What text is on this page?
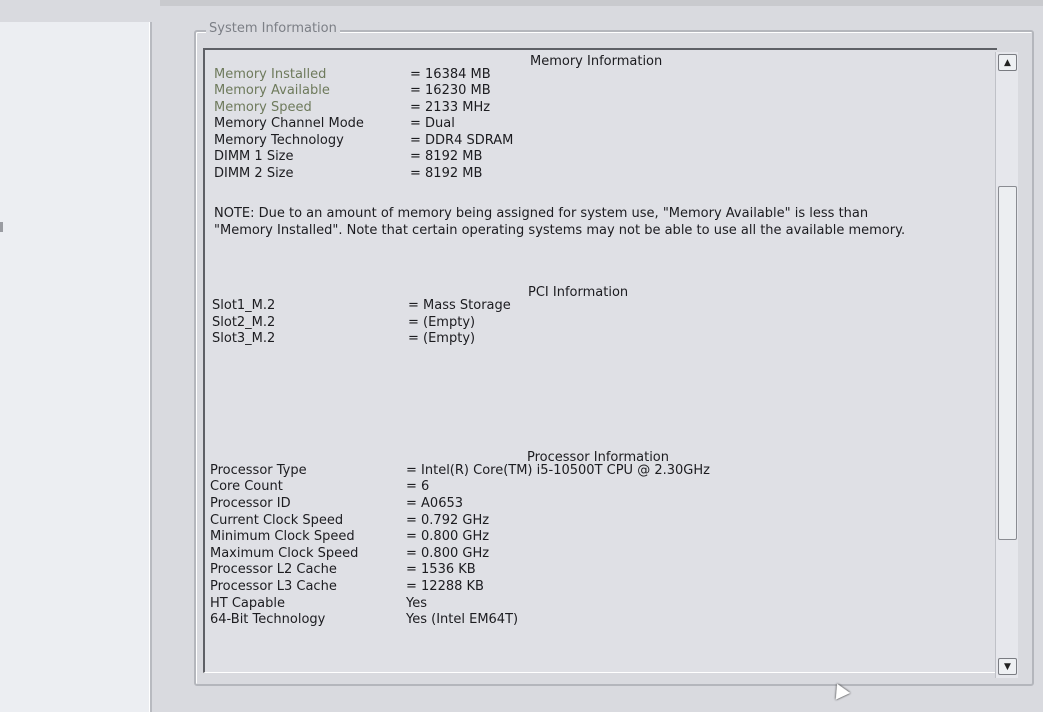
System Information
Memory Information
Memory Installed	= 16384 MB
Memory Available	= 16230 MB
Memory Speed	= 2133 MHz
Memory Channel Mode	= Dual
Memory Technology	= DDR4 SDRAM
DIMM 1 Size	= 8192 MB
DIMM 2 Size	= 8192 MB
NOTE: Due to an amount of memory being assigned for system use, "Memory Available" is less than "Memory Installed". Note that certain operating systems may not be able to use all the available memory.
PCI Information
Slot1_M.2	= Mass Storage
Slot2_M.2	= (Empty)
Slot3_M.2	= (Empty)
Processor Information
Processor Type	= Intel(R) Core(TM) i5-10500T CPU @ 2.30GHz
Core Count	= 6
Processor ID	= A0653
Current Clock Speed	= 0.792 GHz
Minimum Clock Speed	= 0.800 GHz
Maximum Clock Speed	= 0.800 GHz
Processor L2 Cache	= 1536 KB
Processor L3 Cache	= 12288 KB
HT Capable	Yes
64-Bit Technology	Yes (Intel EM64T)
▲
▼
